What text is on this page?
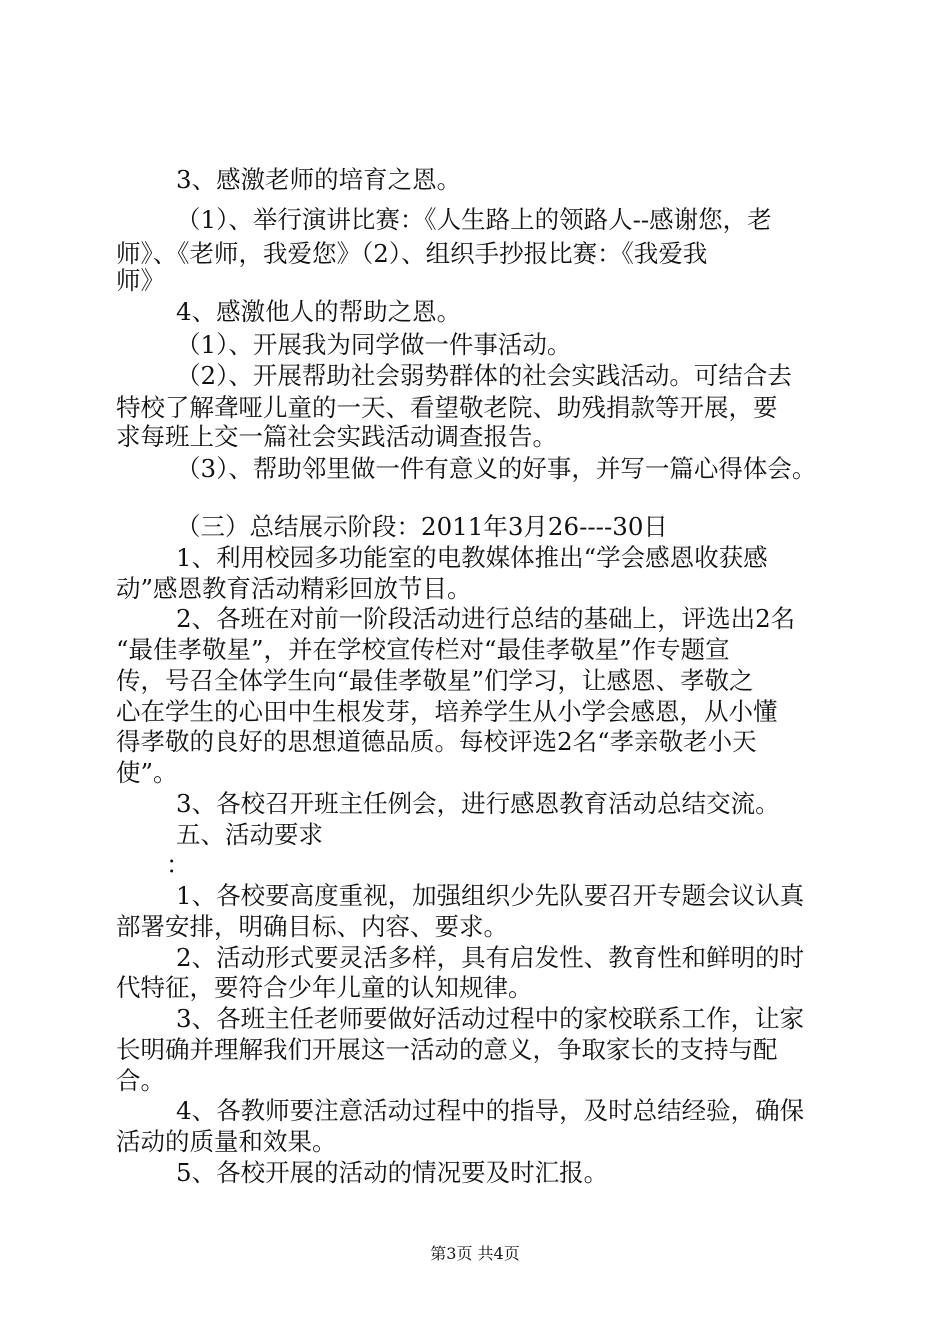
3、感激老师的培育之恩。
（1）、举行演讲比赛：《人生路上的领路人--感谢您，老
师》、《老师，我爱您》（2）、组织手抄报比赛：《我爱我
师》
4、感激他人的帮助之恩。
（1）、开展我为同学做一件事活动。
（2）、开展帮助社会弱势群体的社会实践活动。可结合去
特校了解聋哑儿童的一天、看望敬老院、助残捐款等开展，要
求每班上交一篇社会实践活动调查报告。
（3）、帮助邻里做一件有意义的好事，并写一篇心得体会。
（三）总结展示阶段：2011年3月26----30日
1、利用校园多功能室的电教媒体推出“学会感恩收获感
动”感恩教育活动精彩回放节目。
2、各班在对前一阶段活动进行总结的基础上，评选出2名
“最佳孝敬星”，并在学校宣传栏对“最佳孝敬星”作专题宣
传，号召全体学生向“最佳孝敬星”们学习，让感恩、孝敬之
心在学生的心田中生根发芽，培养学生从小学会感恩，从小懂
得孝敬的良好的思想道德品质。每校评选2名“孝亲敬老小天
使”。
3、各校召开班主任例会，进行感恩教育活动总结交流。
五、活动要求
：
1、各校要高度重视，加强组织少先队要召开专题会议认真
部署安排，明确目标、内容、要求。
2、活动形式要灵活多样，具有启发性、教育性和鲜明的时
代特征，要符合少年儿童的认知规律。
3、各班主任老师要做好活动过程中的家校联系工作，让家
长明确并理解我们开展这一活动的意义，争取家长的支持与配
合。
4、各教师要注意活动过程中的指导，及时总结经验，确保
活动的质量和效果。
5、各校开展的活动的情况要及时汇报。
第3页 共4页
